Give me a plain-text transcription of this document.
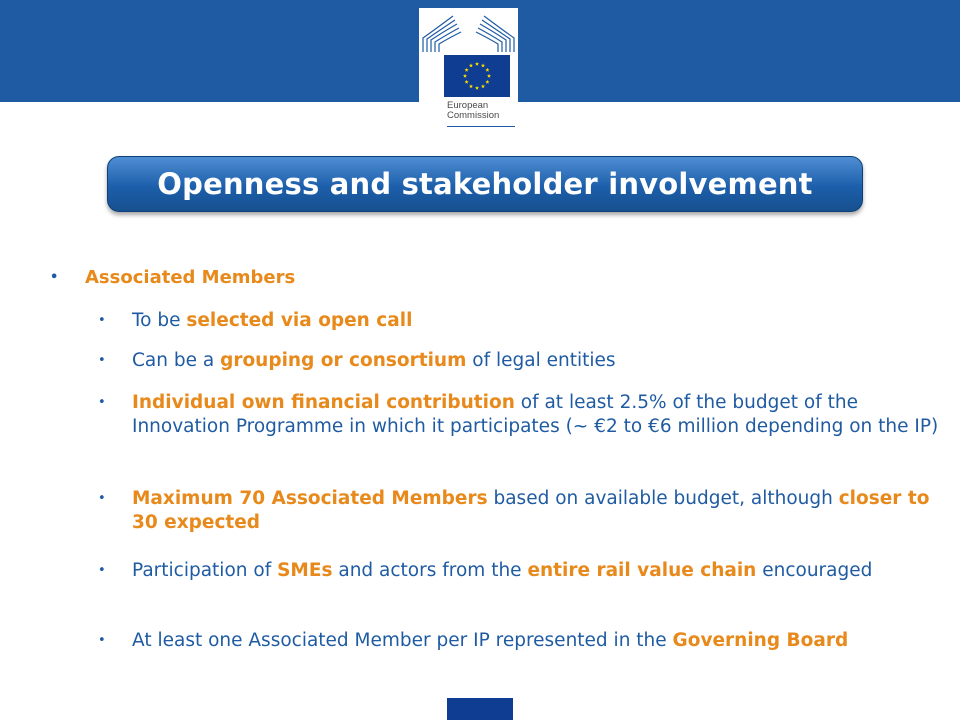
European
Commission
Openness and stakeholder involvement
• Associated Members
• To be selected via open call
• Can be a grouping or consortium of legal entities
• Individual own financial contribution of at least 2.5% of the budget of the Innovation Programme in which it participates (~ €2 to €6 million depending on the IP)
• Maximum 70 Associated Members based on available budget, although closer to 30 expected
• Participation of SMEs and actors from the entire rail value chain encouraged
• At least one Associated Member per IP represented in the Governing Board
